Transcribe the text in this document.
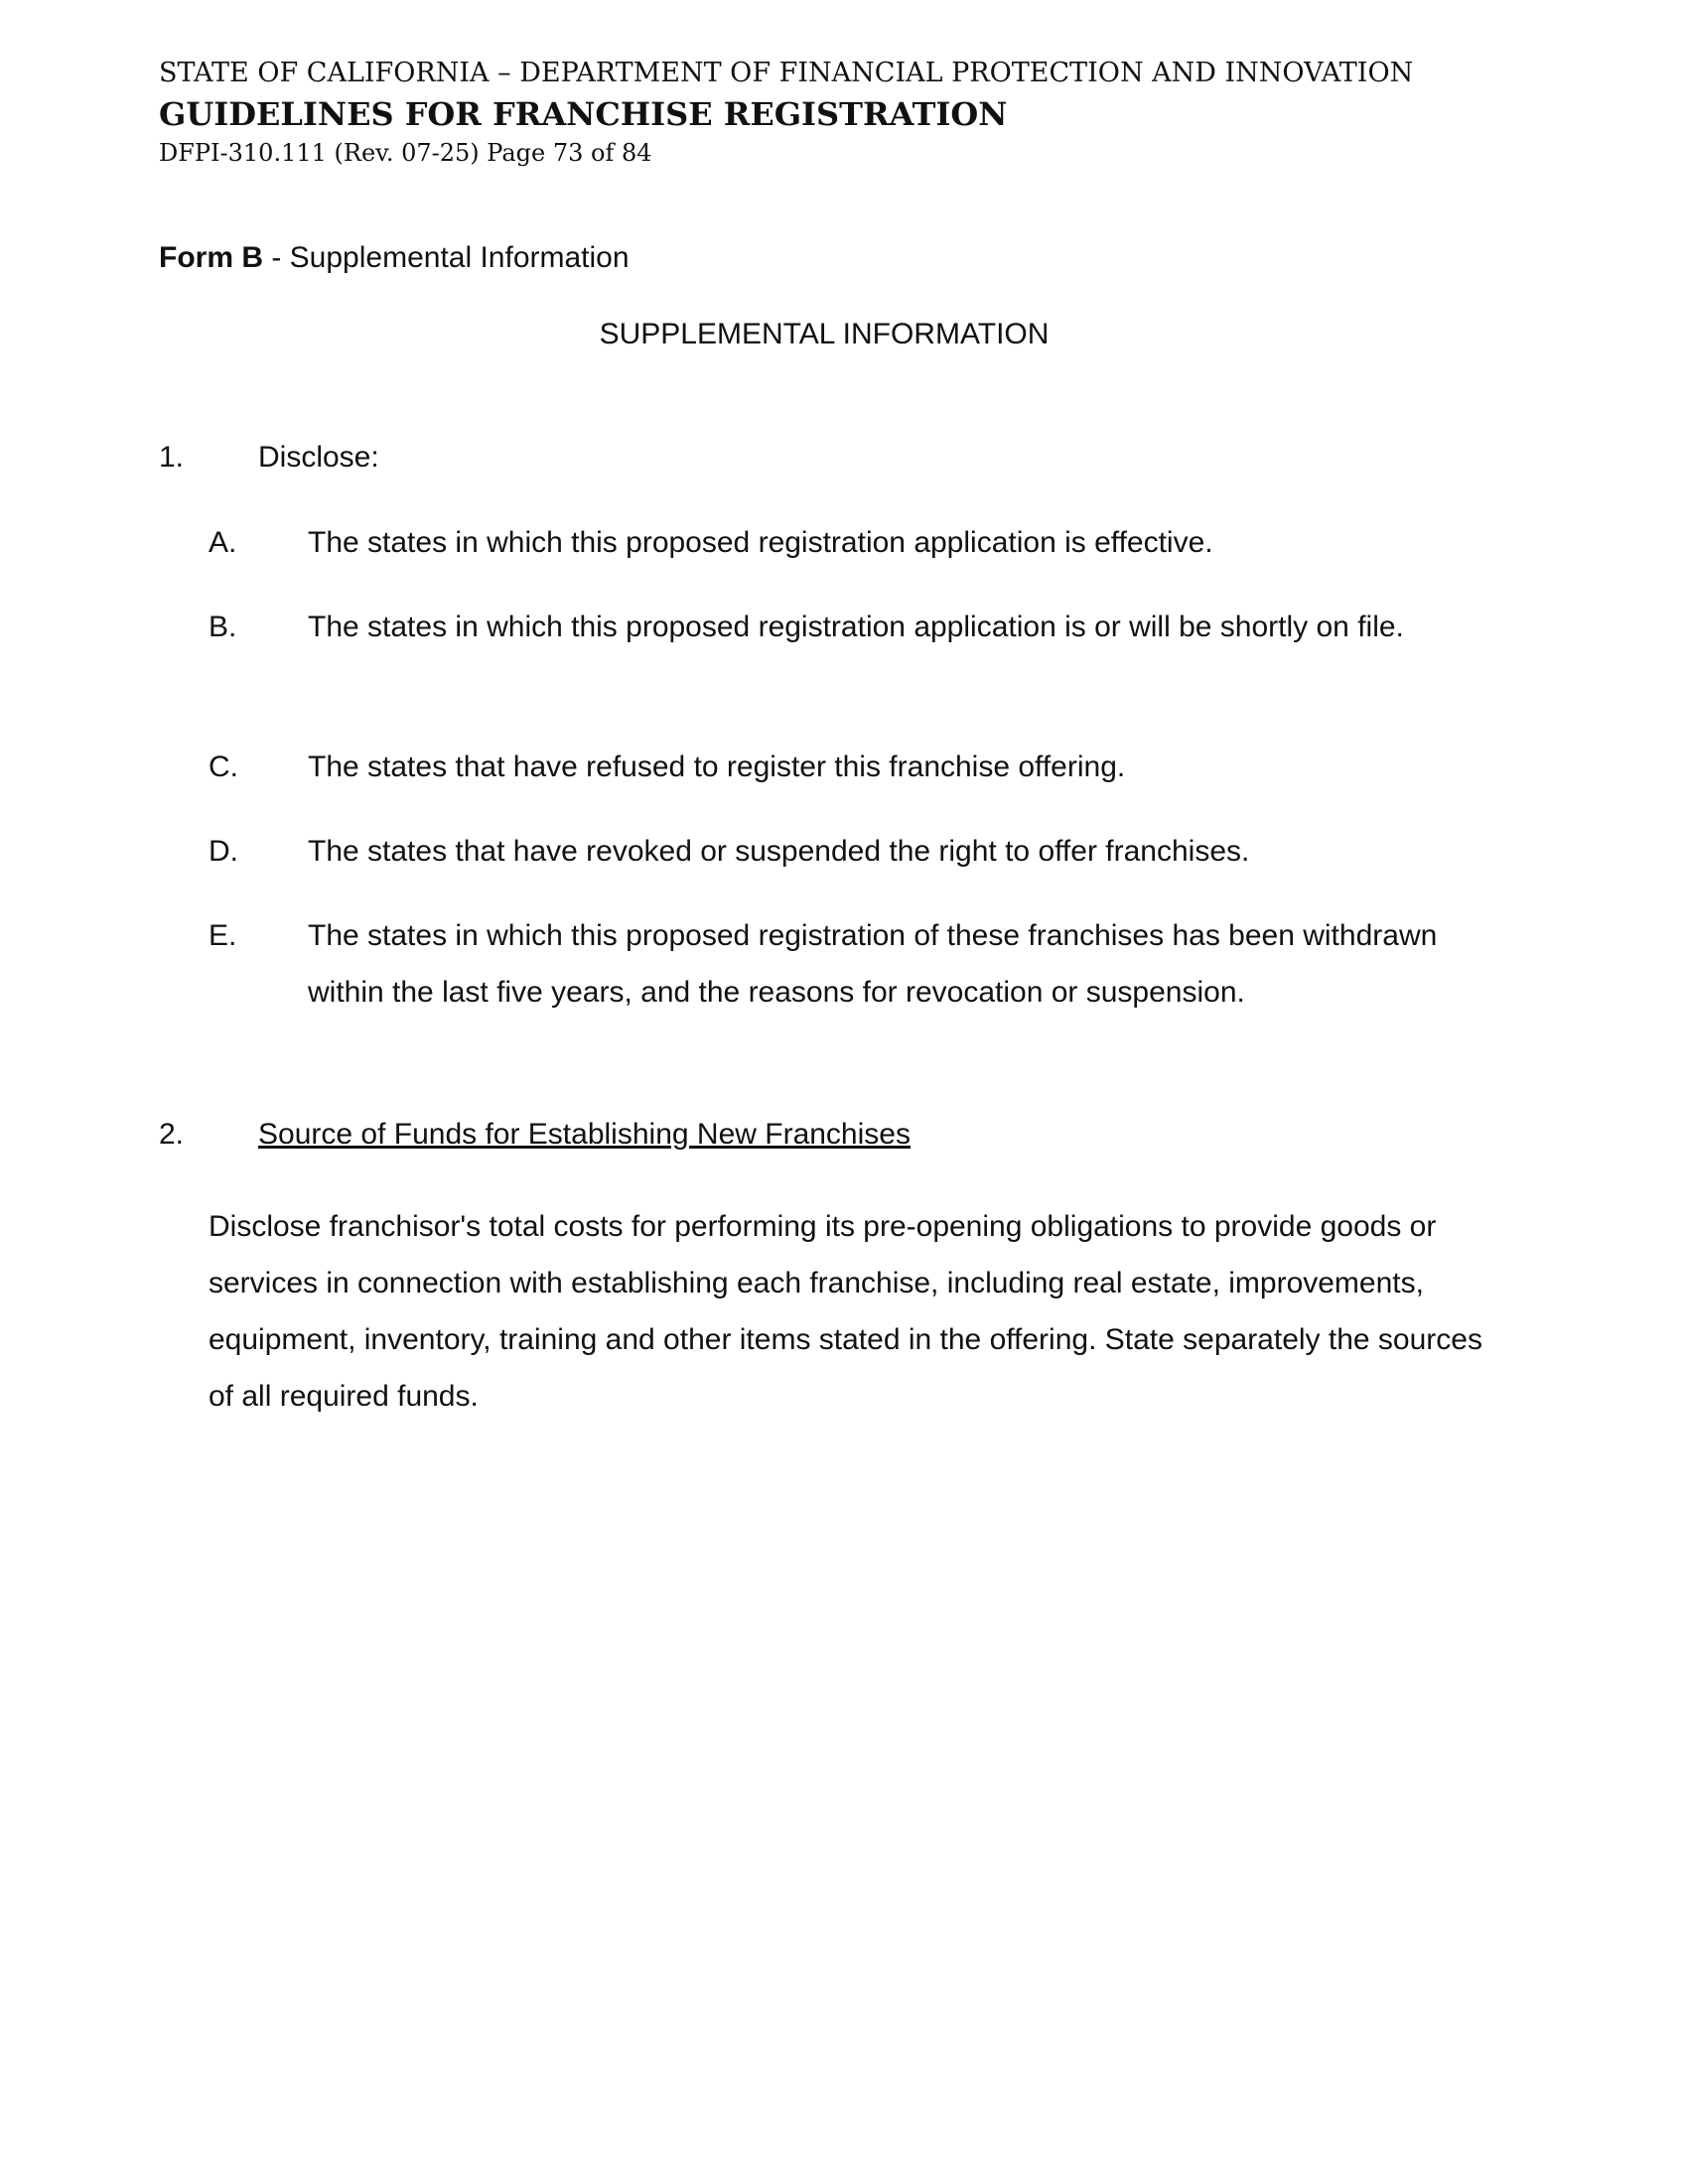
STATE OF CALIFORNIA – DEPARTMENT OF FINANCIAL PROTECTION AND INNOVATION
GUIDELINES FOR FRANCHISE REGISTRATION
DFPI-310.111 (Rev. 07-25) Page 73 of 84
Form B - Supplemental Information
SUPPLEMENTAL INFORMATION
1. Disclose:
A. The states in which this proposed registration application is effective.
B. The states in which this proposed registration application is or will be shortly on file.
C. The states that have refused to register this franchise offering.
D. The states that have revoked or suspended the right to offer franchises.
E. The states in which this proposed registration of these franchises has been withdrawn within the last five years, and the reasons for revocation or suspension.
2. Source of Funds for Establishing New Franchises
Disclose franchisor's total costs for performing its pre-opening obligations to provide goods or services in connection with establishing each franchise, including real estate, improvements, equipment, inventory, training and other items stated in the offering. State separately the sources of all required funds.
